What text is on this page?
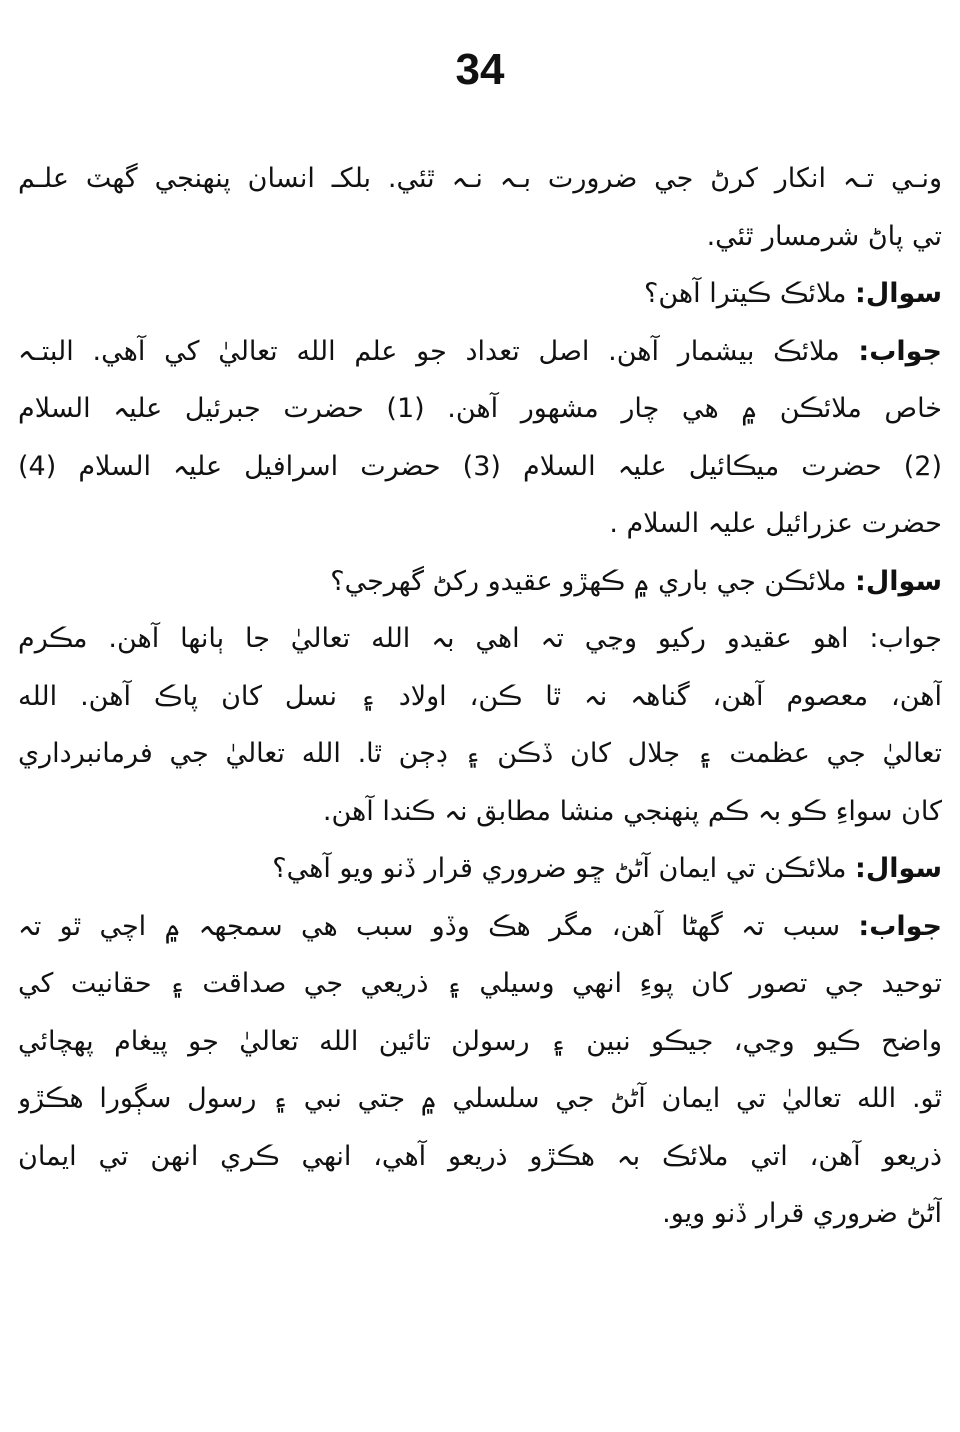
34
ونـي تـہ انكار كرڻ جي ضرورت بـہ نـہ ٿئي. بلكـ انسان پنهنجي گهٽ علـم
تي پاڻ شرمسار ٿئي.
سوال: ملائڪ ڪيترا آهن؟
جواب: ملائڪ بيشمار آهن. اصل تعداد جو علم الله تعاليٰ کي آهي. البتـہ
خاص ملائڪن ۾ هي چار مشهور آهن. (1) حضرت جبرئيل عليہ السلام
(2) حضرت ميڪائيل عليہ السلام (3) حضرت اسرافيل عليہ السلام (4)
حضرت عزرائيل عليہ السلام .
سوال: ملائڪن جي باري ۾ ڪهڙو عقيدو رکڻ گهرجي؟
جواب: اهو عقيدو رکيو وڃي تہ اهي بہ الله تعاليٰ جا ٻانها آهن. مڪرم
آهن، معصوم آهن، گناهہ نہ ٿا ڪن، اولاد ۽ نسل کان پاڪ آهن. الله
تعاليٰ جي عظمت ۽ جلال کان ڏڪن ۽ ڊڄن ٿا. الله تعاليٰ جي فرمانبرداري
کان سواءِ ڪو بہ ڪم پنهنجي منشا مطابق نہ ڪندا آهن.
سوال: ملائڪن تي ايمان آڻڻ ڇو ضروري قرار ڏنو ويو آهي؟
جواب: سبب تہ گهڻا آهن، مگر هڪ وڏو سبب هي سمجهہ ۾ اچي ٿو تہ
توحيد جي تصور کان پوءِ انهي وسيلي ۽ ذريعي جي صداقت ۽ حقانيت کي
واضح ڪيو وڃي، جيڪو نبين ۽ رسولن تائين الله تعاليٰ جو پيغام پهچائي
ٿو. الله تعاليٰ تي ايمان آڻڻ جي سلسلي ۾ جتي نبي ۽ رسول سڳورا هڪڙو
ذريعو آهن، اتي ملائڪ بہ هڪڙو ذريعو آهي، انهي ڪري انهن تي ايمان
آڻڻ ضروري قرار ڏنو ويو.
